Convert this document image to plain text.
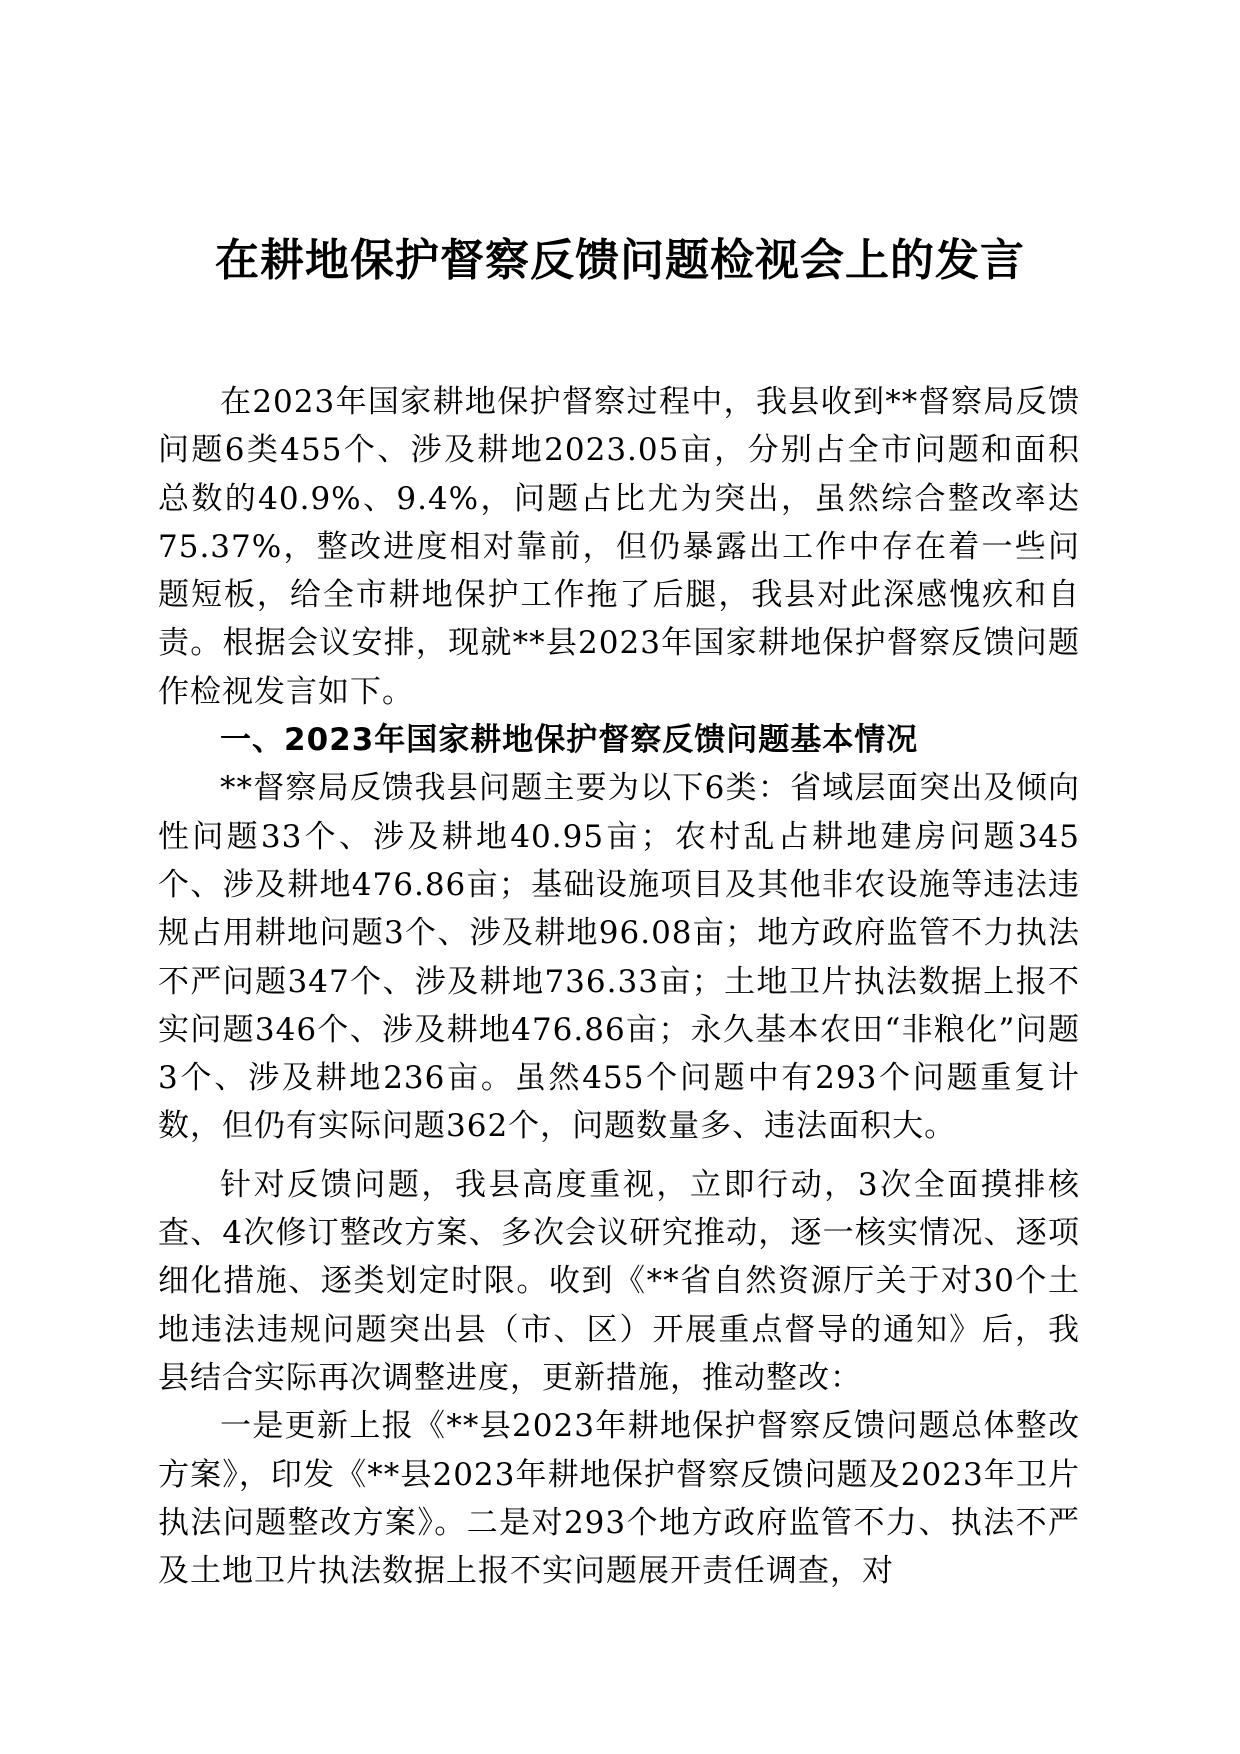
在耕地保护督察反馈问题检视会上的发言

在2023年国家耕地保护督察过程中，我县收到**督察局反馈问题6类455个、涉及耕地2023.05亩，分别占全市问题和面积总数的40.9%、9.4%，问题占比尤为突出，虽然综合整改率达75.37%，整改进度相对靠前，但仍暴露出工作中存在着一些问题短板，给全市耕地保护工作拖了后腿，我县对此深感愧疚和自责。根据会议安排，现就**县2023年国家耕地保护督察反馈问题作检视发言如下。

一、2023年国家耕地保护督察反馈问题基本情况

**督察局反馈我县问题主要为以下6类：省域层面突出及倾向性问题33个、涉及耕地40.95亩；农村乱占耕地建房问题345个、涉及耕地476.86亩；基础设施项目及其他非农设施等违法违规占用耕地问题3个、涉及耕地96.08亩；地方政府监管不力执法不严问题347个、涉及耕地736.33亩；土地卫片执法数据上报不实问题346个、涉及耕地476.86亩；永久基本农田“非粮化”问题3个、涉及耕地236亩。虽然455个问题中有293个问题重复计数，但仍有实际问题362个，问题数量多、违法面积大。

针对反馈问题，我县高度重视，立即行动，3次全面摸排核查、4次修订整改方案、多次会议研究推动，逐一核实情况、逐项细化措施、逐类划定时限。收到《**省自然资源厅关于对30个土地违法违规问题突出县（市、区）开展重点督导的通知》后，我县结合实际再次调整进度，更新措施，推动整改：

一是更新上报《**县2023年耕地保护督察反馈问题总体整改方案》，印发《**县2023年耕地保护督察反馈问题及2023年卫片执法问题整改方案》。二是对293个地方政府监管不力、执法不严及土地卫片执法数据上报不实问题展开责任调查，对
